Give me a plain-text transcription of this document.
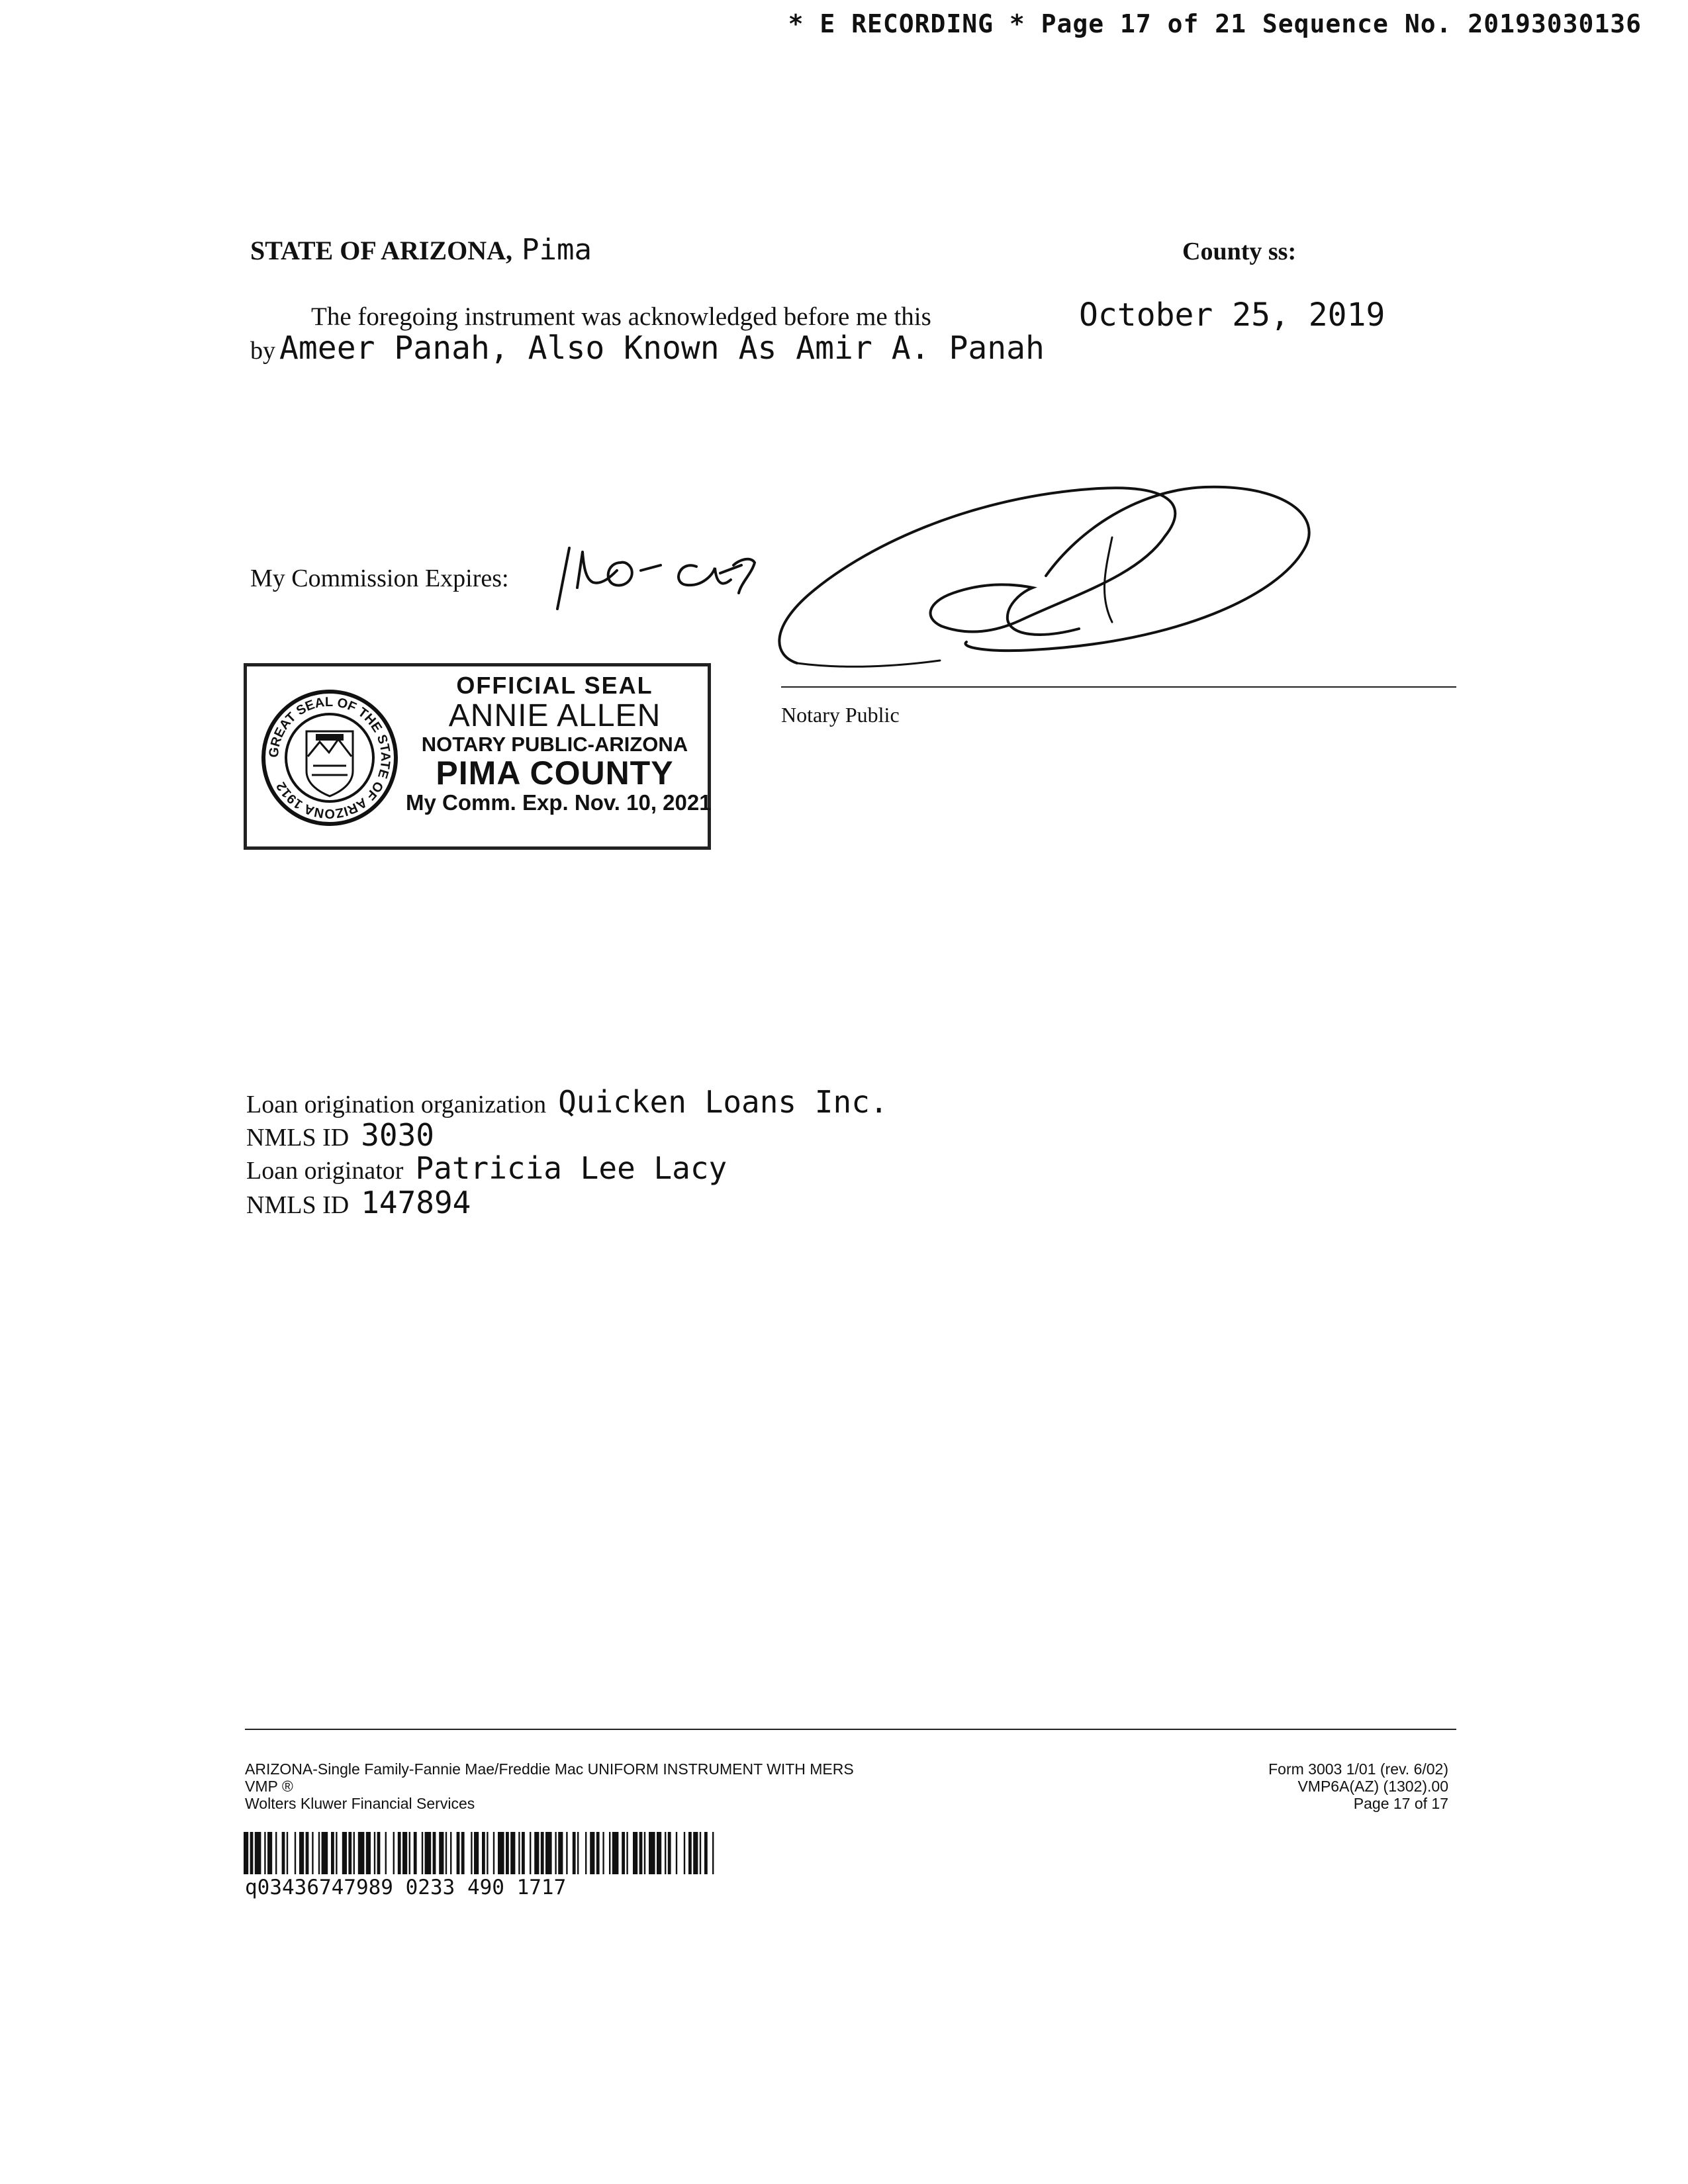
* E RECORDING * Page 17 of 21 Sequence No. 20193030136
STATE OF ARIZONA, Pima	County ss:
The foregoing instrument was acknowledged before me this	October 25, 2019
by Ameer Panah, Also Known As Amir A. Panah
My Commission Expires:
Notary Public
GREAT SEAL OF THE STATE OF ARIZONA 1912
OFFICIAL SEAL
ANNIE ALLEN
NOTARY PUBLIC-ARIZONA
PIMA COUNTY
My Comm. Exp. Nov. 10, 2021
Loan origination organization Quicken Loans Inc.
NMLS ID 3030
Loan originator Patricia Lee Lacy
NMLS ID 147894
ARIZONA-Single Family-Fannie Mae/Freddie Mac UNIFORM INSTRUMENT WITH MERS
VMP ®
Wolters Kluwer Financial Services
Form 3003 1/01 (rev. 6/02)
VMP6A(AZ) (1302).00
Page 17 of 17
q03436747989 0233 490 1717
